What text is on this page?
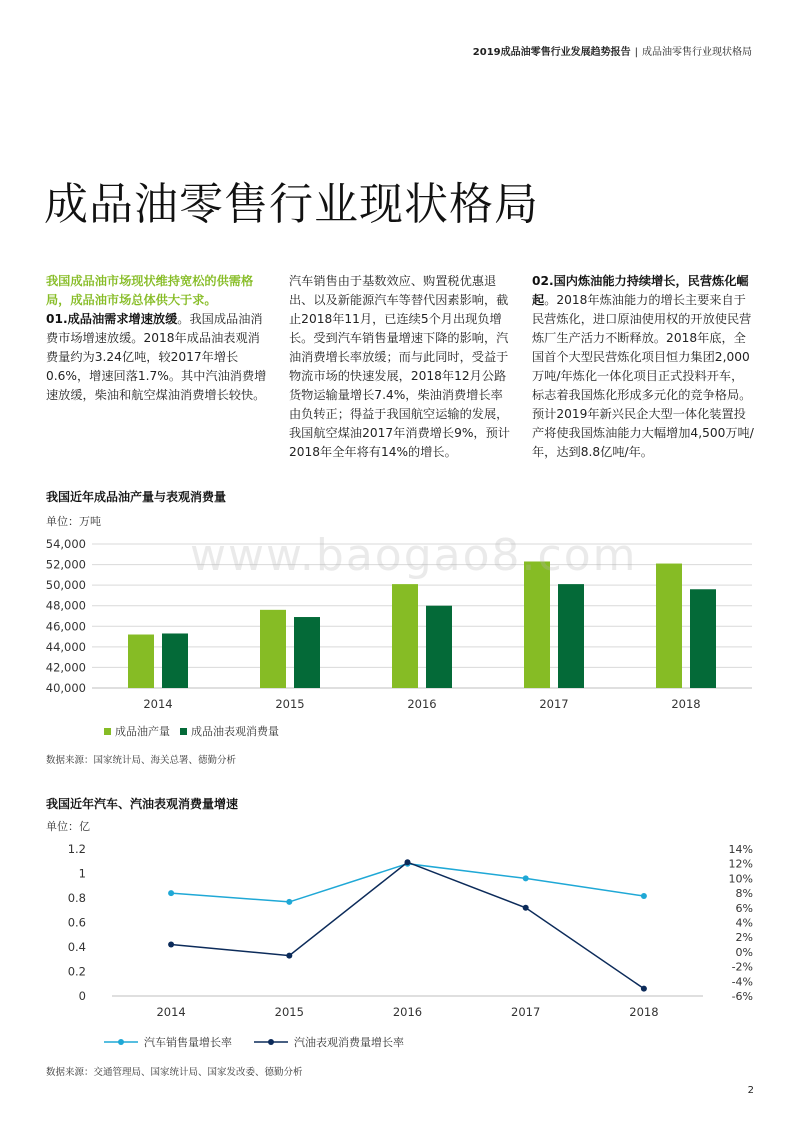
2019成品油零售行业发展趋势报告 | 成品油零售行业现状格局
成品油零售行业现状格局
我国成品油市场现状维持宽松的供需格局，成品油市场总体供大于求。
01.成品油需求增速放缓。我国成品油消费市场增速放缓。2018年成品油表观消费量约为3.24亿吨，较2017年增长0.6%，增速回落1.7%。其中汽油消费增速放缓，柴油和航空煤油消费增长较快。
汽车销售由于基数效应、购置税优惠退出、以及新能源汽车等替代因素影响，截止2018年11月，已连续5个月出现负增长。受到汽车销售量增速下降的影响，汽油消费增长率放缓；而与此同时，受益于物流市场的快速发展，2018年12月公路货物运输量增长7.4%，柴油消费增长率由负转正；得益于我国航空运输的发展，我国航空煤油2017年消费增长9%，预计2018年全年将有14%的增长。
02.国内炼油能力持续增长，民营炼化崛起。2018年炼油能力的增长主要来自于民营炼化，进口原油使用权的开放使民营炼厂生产活力不断释放。2018年底，全国首个大型民营炼化项目恒力集团2,000万吨/年炼化一体化项目正式投料开车，标志着我国炼化形成多元化的竞争格局。预计2019年新兴民企大型一体化装置投产将使我国炼油能力大幅增加4,500万吨/年，达到8.8亿吨/年。
我国近年成品油产量与表观消费量
单位：万吨
40,000
42,000
44,000
46,000
48,000
50,000
52,000
54,000
2014	2015	2016	2017	2018
成品油产量 成品油表观消费量
数据来源：国家统计局、海关总署、德勤分析
我国近年汽车、汽油表观消费量增速
单位：亿
0
0.2
0.4
0.6
0.8
1
1.2
-6%
-4%
-2%
0%
2%
4%
6%
8%
10%
12%
14%
2014	2015	2016	2017	2018
汽车销售量增长率	汽油表观消费量增长率
数据来源：交通管理局、国家统计局、国家发改委、德勤分析
www.baogao8.com
2
